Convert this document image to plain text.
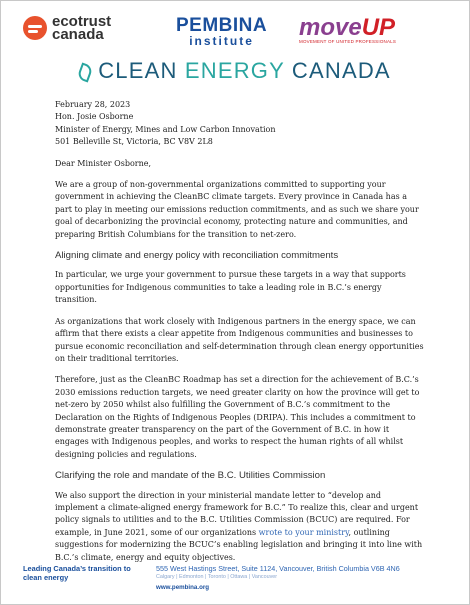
ecotrust
canada	PEMBINA
institute	moveUP
MOVEMENT OF UNITED PROFESSIONALS
CLEAN ENERGY CANADA
February 28, 2023
Hon. Josie Osborne
Minister of Energy, Mines and Low Carbon Innovation
501 Belleville St, Victoria, BC V8V 2L8
Dear Minister Osborne,

We are a group of non-governmental organizations committed to supporting your government in achieving the CleanBC climate targets. Every province in Canada has a part to play in meeting our emissions reduction commitments, and as such we share your goal of decarbonizing the provincial economy, protecting nature and communities, and preparing British Columbians for the transition to net-zero.

Aligning climate and energy policy with reconciliation commitments

In particular, we urge your government to pursue these targets in a way that supports opportunities for Indigenous communities to take a leading role in B.C.’s energy transition.

As organizations that work closely with Indigenous partners in the energy space, we can affirm that there exists a clear appetite from Indigenous communities and businesses to pursue economic reconciliation and self-determination through clean energy opportunities on their traditional territories.

Therefore, just as the CleanBC Roadmap has set a direction for the achievement of B.C.’s 2030 emissions reduction targets, we need greater clarity on how the province will get to net-zero by 2050 whilst also fulfilling the Government of B.C.’s commitment to the Declaration on the Rights of Indigenous Peoples (DRIPA). This includes a commitment to demonstrate greater transparency on the part of the Government of B.C. in how it engages with Indigenous peoples, and works to respect the human rights of all whilst designing policies and regulations.

Clarifying the role and mandate of the B.C. Utilities Commission

We also support the direction in your ministerial mandate letter to “develop and implement a climate-aligned energy framework for B.C.” To realize this, clear and urgent policy signals to utilities and to the B.C. Utilities Commission (BCUC) are required. For example, in June 2021, some of our organizations wrote to your ministry, outlining suggestions for modernizing the BCUC’s enabling legislation and bringing it into line with B.C.’s climate, energy and equity objectives.

Leading Canada’s transition to clean energy
555 West Hastings Street, Suite 1124, Vancouver, British Columbia V6B 4N6
Calgary | Edmonton | Toronto | Ottawa | Vancouver
www.pembina.org
